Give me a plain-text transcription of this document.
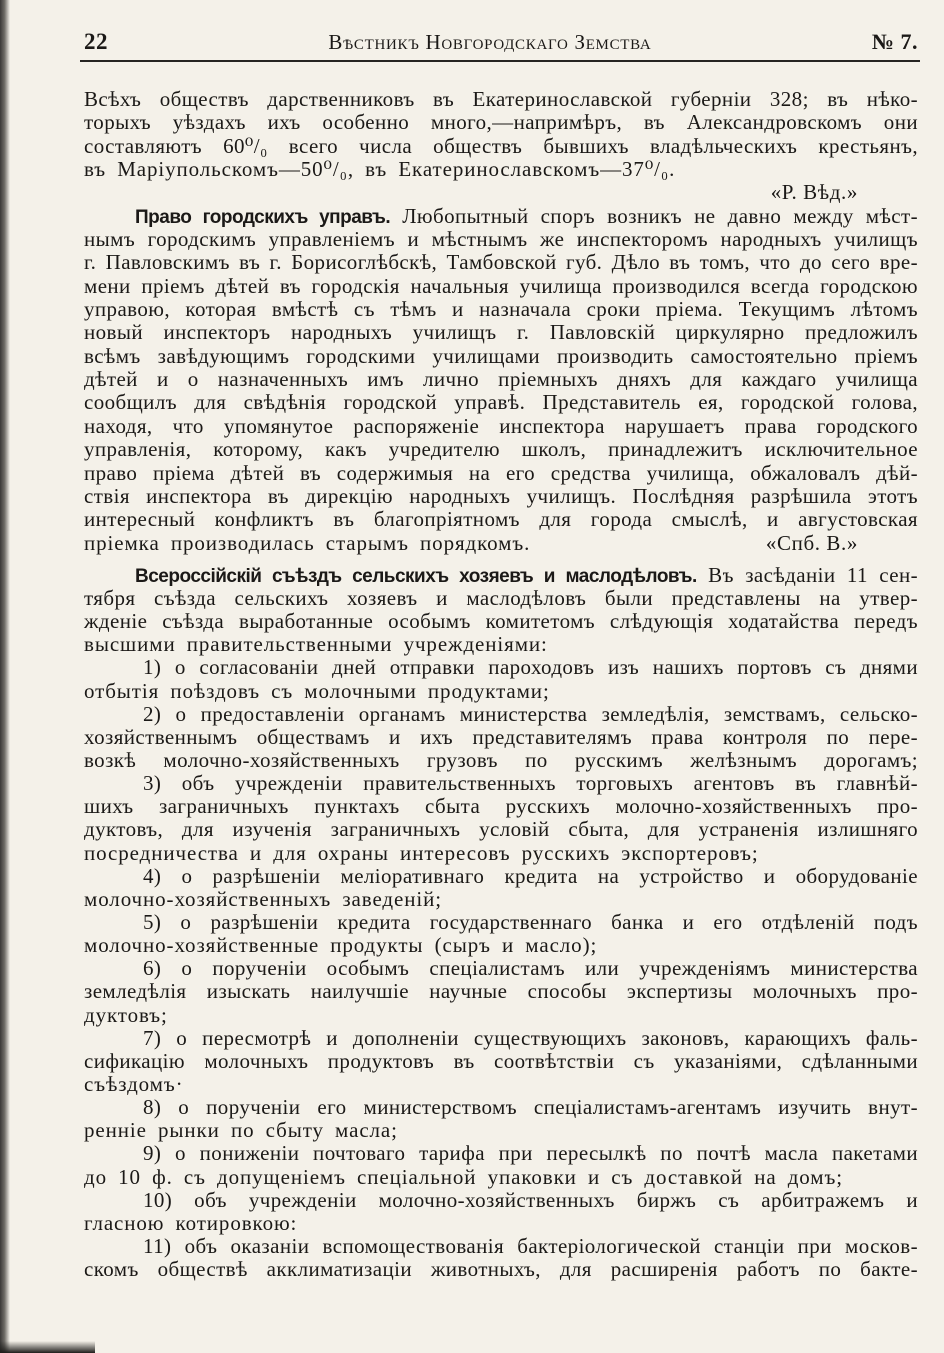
22	Вѣстникъ Новгородскаго Земства	№ 7.
Всѣхъ обществъ дарственниковъ въ Екатеринославской губерніи 328; въ нѣко-
торыхъ уѣздахъ ихъ особенно много,—напримѣръ, въ Александровскомъ они
составляютъ 60⁰/₀ всего числа обществъ бывшихъ владѣльческихъ крестьянъ,
въ Маріупольскомъ—50⁰/₀, въ Екатеринославскомъ—37⁰/₀.
«Р. Вѣд.»
Право городскихъ управъ. Любопытный споръ возникъ не давно между мѣст-
нымъ городскимъ управленіемъ и мѣстнымъ же инспекторомъ народныхъ училищъ
г. Павловскимъ въ г. Борисоглѣбскѣ, Тамбовской губ. Дѣло въ томъ, что до сего вре-
мени пріемъ дѣтей въ городскія начальныя училища производился всегда городскою
управою, которая вмѣстѣ съ тѣмъ и назначала сроки пріема. Текущимъ лѣтомъ
новый инспекторъ народныхъ училищъ г. Павловскій циркулярно предложилъ
всѣмъ завѣдующимъ городскими училищами производить самостоятельно пріемъ
дѣтей и о назначенныхъ имъ лично пріемныхъ дняхъ для каждаго училища
сообщилъ для свѣдѣнія городской управѣ. Представитель ея, городской голова,
находя, что упомянутое распоряженіе инспектора нарушаетъ права городского
управленія, которому, какъ учредителю школъ, принадлежитъ исключительное
право пріема дѣтей въ содержимыя на его средства училища, обжаловалъ дѣй-
ствія инспектора въ дирекцію народныхъ училищъ. Послѣдняя разрѣшила этотъ
интересный конфликтъ въ благопріятномъ для города смыслѣ, и августовская
пріемка производилась старымъ порядкомъ.	«Спб. В.»
Всероссійскій съѣздъ сельскихъ хозяевъ и маслодѣловъ. Въ засѣданіи 11 сен-
тября съѣзда сельскихъ хозяевъ и маслодѣловъ были представлены на утвер-
жденіе съѣзда выработанные особымъ комитетомъ слѣдующія ходатайства передъ
высшими правительственными учрежденіями:
1) о согласованіи дней отправки пароходовъ изъ нашихъ портовъ съ днями
отбытія поѣздовъ съ молочными продуктами;
2) о предоставленіи органамъ министерства земледѣлія, земствамъ, сельско-
хозяйственнымъ обществамъ и ихъ представителямъ права контроля по пере-
возкѣ молочно-хозяйственныхъ грузовъ по русскимъ желѣзнымъ дорогамъ;
3) объ учрежденіи правительственныхъ торговыхъ агентовъ въ главнѣй-
шихъ заграничныхъ пунктахъ сбыта русскихъ молочно-хозяйственныхъ про-
дуктовъ, для изученія заграничныхъ условій сбыта, для устраненія излишняго
посредничества и для охраны интересовъ русскихъ экспортеровъ;
4) о разрѣшеніи меліоративнаго кредита на устройство и оборудованіе
молочно-хозяйственныхъ заведеній;
5) о разрѣшеніи кредита государственнаго банка и его отдѣленій подъ
молочно-хозяйственные продукты (сыръ и масло);
6) о порученіи особымъ спеціалистамъ или учрежденіямъ министерства
земледѣлія изыскать наилучшіе научные способы экспертизы молочныхъ про-
дуктовъ;
7) о пересмотрѣ и дополненіи существующихъ законовъ, карающихъ фаль-
сификацію молочныхъ продуктовъ въ соотвѣтствіи съ указаніями, сдѣланными
съѣздомъ·
8) о порученіи его министерствомъ спеціалистамъ-агентамъ изучить внут-
ренніе рынки по сбыту масла;
9) о пониженіи почтоваго тарифа при пересылкѣ по почтѣ масла пакетами
до 10 ф. съ допущеніемъ спеціальной упаковки и съ доставкой на домъ;
10) объ учрежденіи молочно-хозяйственныхъ биржъ съ арбитражемъ и
гласною котировкою:
11) объ оказаніи вспомоществованія бактеріологической станціи при москов-
скомъ обществѣ акклиматизаціи животныхъ, для расширенія работъ по бакте-
